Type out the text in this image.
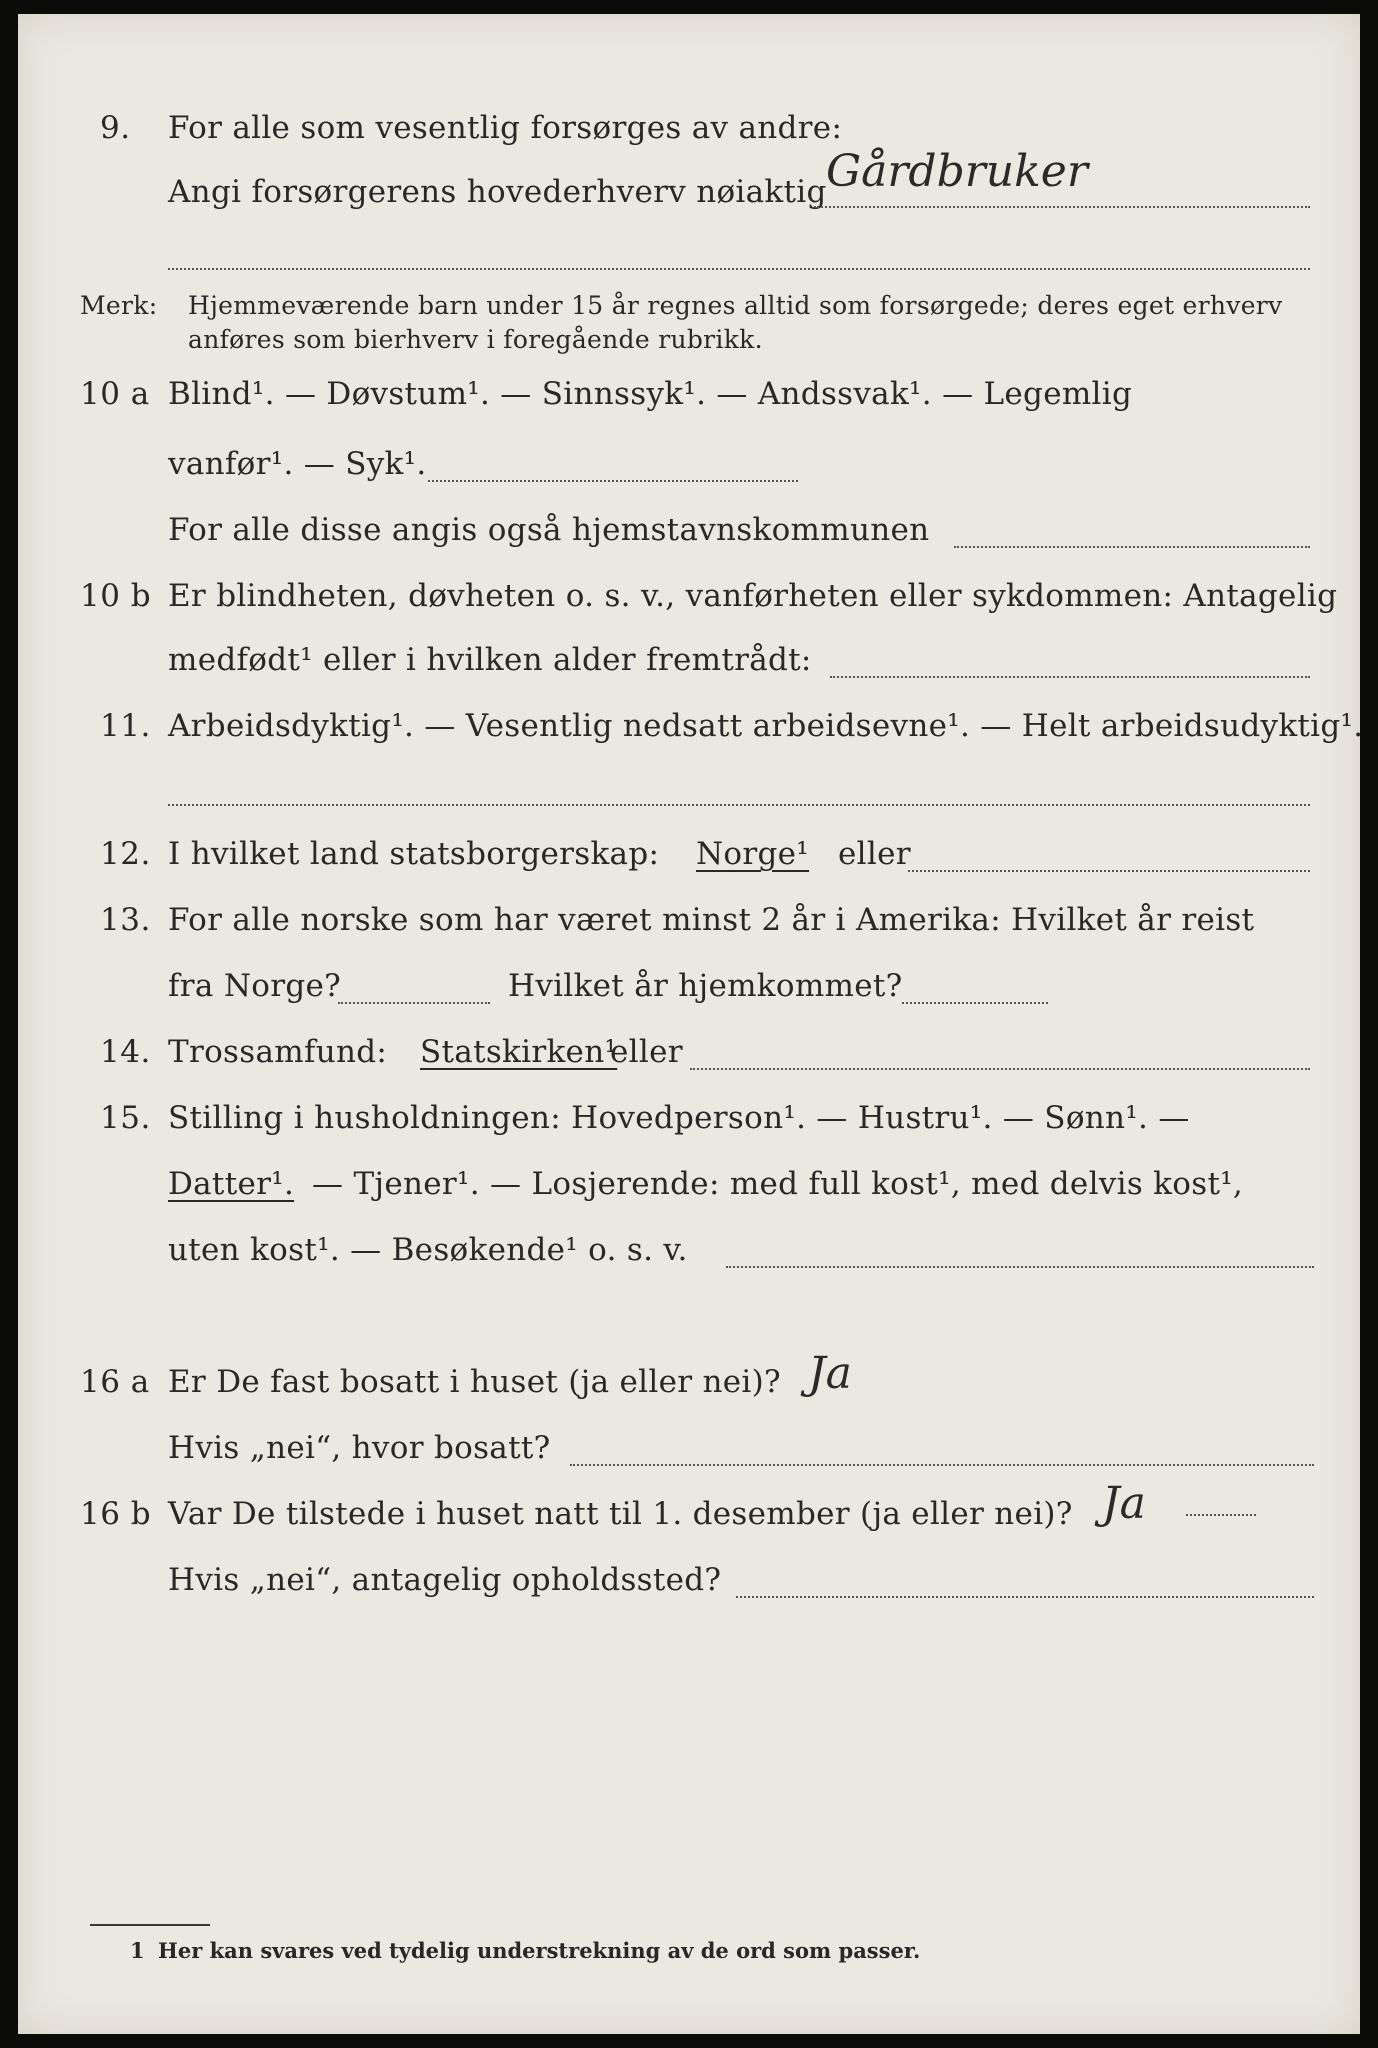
9. For alle som vesentlig forsørges av andre:
Angi forsørgerens hovederhverv nøiaktig Gårdbruker
Merk: Hjemmeværende barn under 15 år regnes alltid som forsørgede; deres eget erhverv
anføres som bierhverv i foregående rubrikk.
10 a Blind¹. — Døvstum¹. — Sinnssyk¹. — Andssvak¹. — Legemlig
vanfør¹. — Syk¹.
For alle disse angis også hjemstavnskommunen
10 b Er blindheten, døvheten o. s. v., vanførheten eller sykdommen: Antagelig
medfødt¹ eller i hvilken alder fremtrådt:
11. Arbeidsdyktig¹. — Vesentlig nedsatt arbeidsevne¹. — Helt arbeidsudyktig¹.
12. I hvilket land statsborgerskap: Norge¹ eller
13. For alle norske som har været minst 2 år i Amerika: Hvilket år reist
fra Norge?	Hvilket år hjemkommet?
14. Trossamfund: Statskirken¹
eller
15. Stilling i husholdningen: Hovedperson¹. — Hustru¹. — Sønn¹. —
Datter¹. — Tjener¹. — Losjerende: med full kost¹, med delvis kost¹,
uten kost¹. — Besøkende¹ o. s. v.
16 a Er De fast bosatt i huset (ja eller nei)? Ja
Hvis „nei“, hvor bosatt?
16 b Var De tilstede i huset natt til 1. desember (ja eller nei)? Ja
Hvis „nei“, antagelig opholdssted?
1 Her kan svares ved tydelig understrekning av de ord som passer.
